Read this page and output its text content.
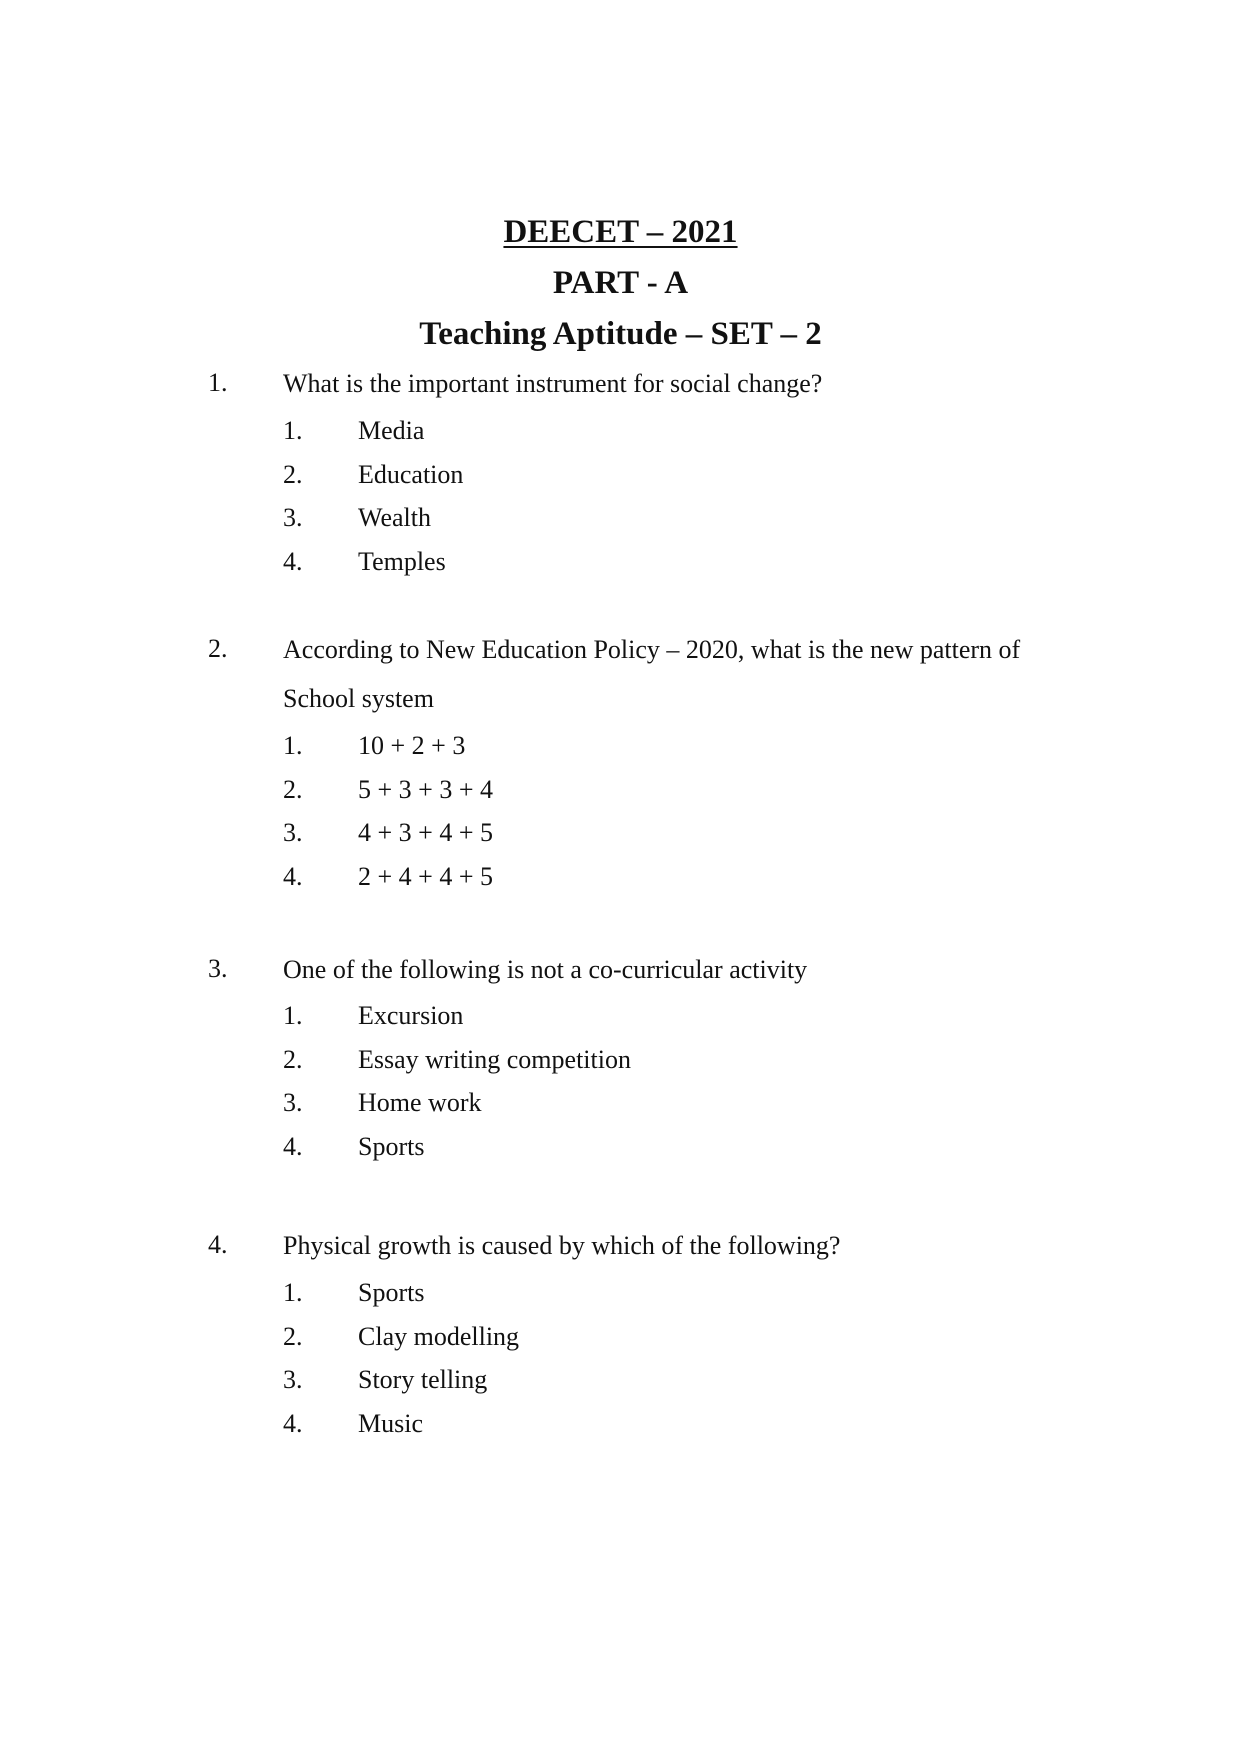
DEECET – 2021
PART - A
Teaching Aptitude – SET – 2
1. What is the important instrument for social change?
1. Media
2. Education
3. Wealth
4. Temples
2. According to New Education Policy – 2020, what is the new pattern of School system
1. 10 + 2 + 3
2. 5 + 3 + 3 + 4
3. 4 + 3 + 4 + 5
4. 2 + 4 + 4 + 5
3. One of the following is not a co-curricular activity
1. Excursion
2. Essay writing competition
3. Home work
4. Sports
4. Physical growth is caused by which of the following?
1. Sports
2. Clay modelling
3. Story telling
4. Music
